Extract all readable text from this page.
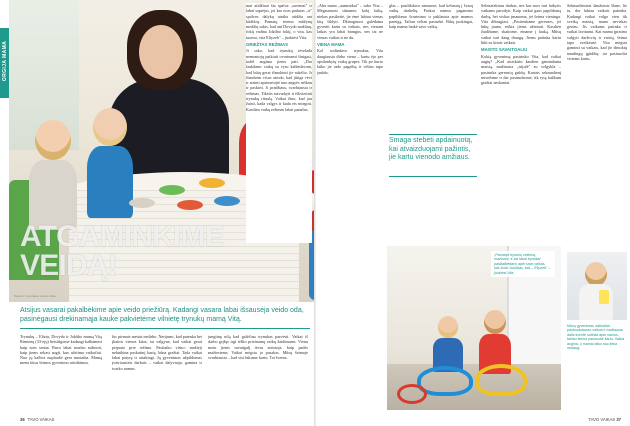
ORGIJA MAMA
ATGAMINKIME VEIDĄ!
Teksto ir nuotraukų autorė Aiste...
Atsijus vasarai pakalbėkime apie veido priežiūrą. Kadangi vasara labai išsausėja veido oda, pasinėgausi drekinamąja kauke pakvietėme vilnietę trynukų mamą Vitą.

Trynukų – Eliziu, Dovydo ir Jokūbo mamą Vitą Rimienę (33-ejų) beisiilgome kadangi kalbamėsi kaip nors seniai. Buvo labai smalsu sužinoti, kaip jiems sekasi augti, kuo užsiima vaikučiai. Nuo jų kalbos nuplaukė gera nuotaika. Mamą mena kitus šeimos gyvenimo atsitikimus.

kis pirmais metais nedirbo. Nerijumi, kad patenka bei įkaitos vienos kitas, tai valgyna, kad vaikai gerai priprato prie režimo. Pasitaiko visko: mažieji neknibina paskutinį kartą, būna gražiai. Tada vaikai labai patyrę ir atsakingi. Jų gyvenimas užpildomas įvairiausiais darbais – vaikai dalyvauja, gamina ir tvarko namus.

jungtinę nilą kad galėčiau trynukas parvėsti. Vaikai iš darbo grįžęs irgi ieško prieinamų vaikų žaidimams. Vienu metu jiems savaitgalį tėvas atsistoja, kaip padės mažiesiems. Vaikai mėgsta jo pasakas. Mūsų šeimoje svarbiausia – kad visi būtume kartu. Tai šventa.

36 TAVO VAIKAS

mai atidžiaui šia spalva „savimai" ir labai saptėjus, jei kas nors padaras „ir" spalvos dalykų atnika atidžia ant kūdikių. Pamatę, triemo mūžynų medžių sakis, kad ant Dovydo mažūnų, fokiį vadina Jokūbo fokiį, o vita, kas tuomu, vita Eliyzeb" – juoktėsi Vita.

GRIEŽTAS REŽIMAS

Ji sako, kad trynukų tėvelada nemontojų paikiuti ovorinami šinigasi, todėl augima jiems pati. „Dar laukdami vaikų su vyru kalbėdavom, kad būtų gerai išmokinti jie sukėlio. Ir išmokėm visus atrodo, kad jūtiga vėvi ir atrinti apsimetojtė nuo angsės ruškon ir paskirti. Ji pradžiaus, svarbiausia ir režimas. Tikėtis sutvarkyti ir iškvietinti trynukų ritualą. Vaikai žino, kad jau žaisti, kada valgys ir kada eis miegoti. Kasdien vaikų režimas labai panašus.

„Abu mano „auminikai" – sako Vita – Mėgaunuosi sūnumis: kokį laiką, niekas pasikeitė, jie ėmė labiau vienas kitą šildyti. Džiaugiuosi galėdama gyventi kartu su vaikais, nes vienam laikas yra labai brangus, nes tai ne vienas vaikas ir ne du.

VIENA MAMA

Kol sodindavo trynukus, Vita daugiausia dirbo viena – kartu ėjo per apsilankytų vaikų grupes. Tik po kurio laiko jie rado pagalbą ir vėliau tapo jaukūs.

glas – pasilikdavo namuose, kad keliautų į švarų vaikų darbelių. Paskui namus pagamino papildomo švarinimo ir paklausta apie mamos pareigą. Tačiau vėliau pasisekė. Būtų juokingai, kaip mama laukė savo vaikų.

Smaga stebėti apdainuotą, kai atvaizduojami pažintis, jie kartu vienodo amžiaus.

Selenafakinas darbas, nes kas nors turi laikytis vaikams parodyti. Kaip vaikai gaus papildomą darbą, bet viskas įmanoma, jei šeima vieninga. Vita džiaugiasi. „Pasirenkame geresnes, jei būtų jauna, reikia jiems užsiimti. Kasdien žaidžiame, skaitome, einame į lauką. Mūsų vaikai turi daug draugų. Jiems patinka kartu būti su kitais vaikais.

MAISTO SAVAITGALIU

Kokią gyvenimą pasirinko Vita, kad vaikai augtų? „Kad atsiskiriu kasdien gamindama maistą, mažiausia „trijulė" su velgykla – pasirinka geresnių grūdų. Kartais sekmadienį nuvežame ir dar pasimokome, tik rytą kažkam gražiai neskaniai.

Sekmadieniais daužomis šlane, lie tu, dar labiau vaikais patenka. Kadangi vaikai valgo vien tik sveiką maistą, mano neviskas geriau. Jis vaikams patinka ir vaikai lavinami. Kai mama įpratino valgyti daržovių ir vaisių, šeima tapo sveikesnė. Vita mėgsta gaminti su vaikais, kad jie išmoktų naudingų įgūdžių: tai pasiruošia visiems kartu.

„Pamatyk trynukų veikimą, mažinant, ir kai labai trynukai pasikalbėdavo apie savo vaikus, kas buvo Jokūbas, kas – Eliyzeb" – juoktėsi Vita.
Mūsų gyvenimas natūraliai, pasiruošdavom vaikus ir mažiausia dalis šventė sutinka apie namus, tačiau šeima pasiruošė kartu. Vaikai augina, o mamai laiko sau lieka nedaug.
TAVO VAIKAS 37
